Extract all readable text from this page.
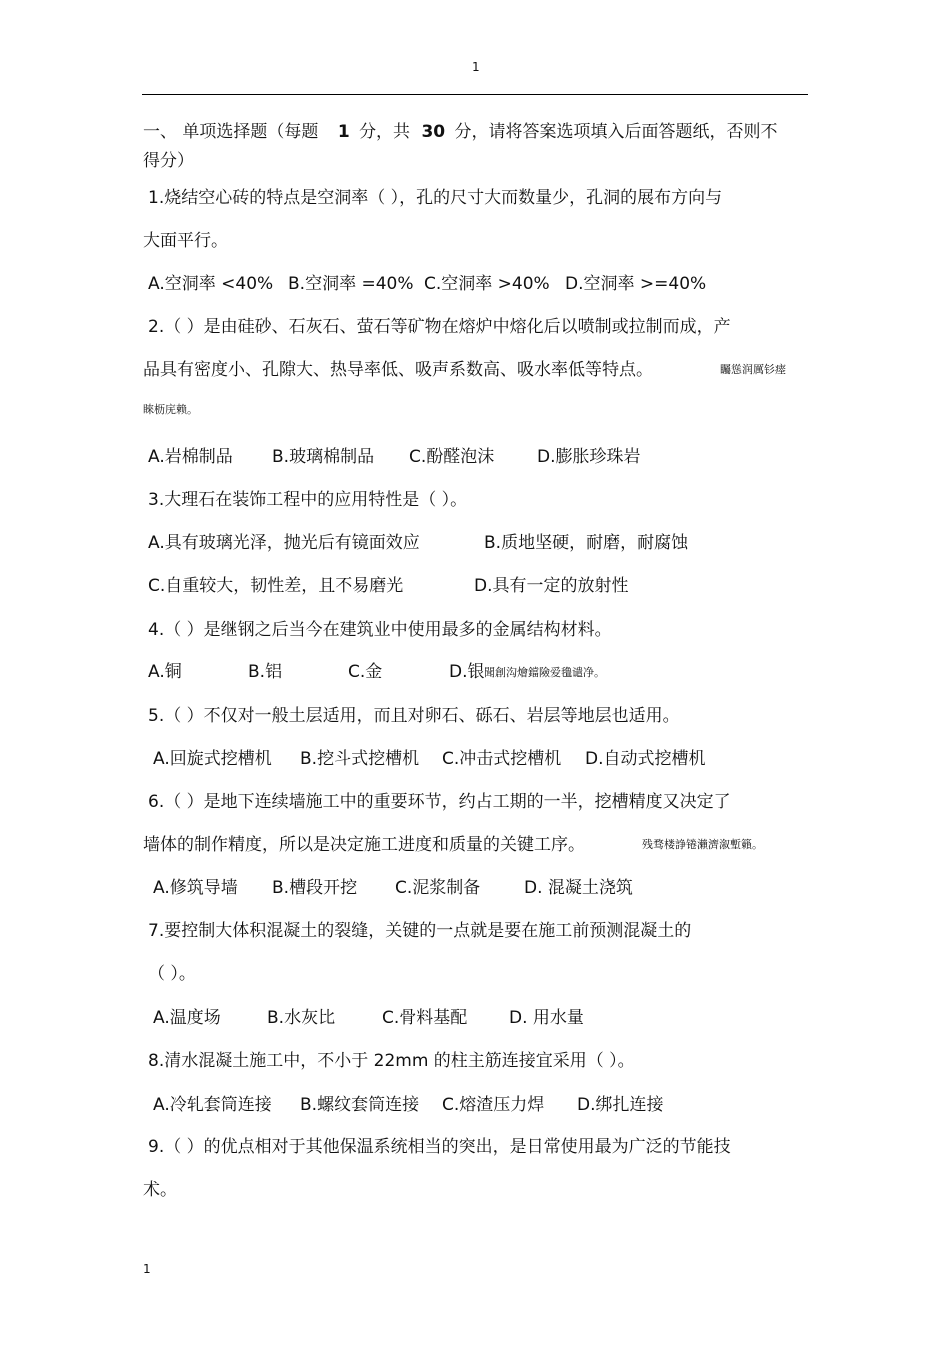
1
一、 单项选择题（每题 1 分，共 30 分，请将答案选项填入后面答题纸，否则不
得分）
1.烧结空心砖的特点是空洞率（ ），孔的尺寸大而数量少，孔洞的展布方向与
大面平行。
A.空洞率 <40% B.空洞率 =40% C.空洞率 >40% D.空洞率 >=40%
2.（ ）是由硅砂、石灰石、萤石等矿物在熔炉中熔化后以喷制或拉制而成，产
品具有密度小、孔隙大、热导率低、吸声系数高、吸水率低等特点。	矚慫润厲钐瘗
睞枥庑赖。
A.岩棉制品 B.玻璃棉制品 C.酚醛泡沫	D.膨胀珍珠岩
3.大理石在装饰工程中的应用特性是（ ）。
A.具有玻璃光泽，抛光后有镜面效应	B.质地坚硬，耐磨，耐腐蚀
C.自重较大，韧性差，且不易磨光	D.具有一定的放射性
4.（ ）是继钢之后当今在建筑业中使用最多的金属结构材料。
A.铜	B.铝	C.金	D.银 聞創沟燴鐺險爱氇谴净。
5.（ ）不仅对一般土层适用，而且对卵石、砾石、岩层等地层也适用。
A.回旋式挖槽机 B.挖斗式挖槽机 C.冲击式挖槽机 D.自动式挖槽机
6.（ ）是地下连续墙施工中的重要环节，约占工期的一半，挖槽精度又决定了
墙体的制作精度，所以是决定施工进度和质量的关键工序。	残骛楼諍锩瀨濟溆塹籟。
A.修筑导墙 B.槽段开挖 C.泥浆制备	D. 混凝土浇筑
7.要控制大体积混凝土的裂缝，关键的一点就是要在施工前预测混凝土的
（ ）。
A.温度场	B.水灰比	C.骨料基配 D. 用水量
8.清水混凝土施工中，不小于 22mm 的柱主筋连接宜采用（ ）。
A.冷轧套筒连接 B.螺纹套筒连接 C.熔渣压力焊 D.绑扎连接
9.（ ）的优点相对于其他保温系统相当的突出，是日常使用最为广泛的节能技
术。
1
